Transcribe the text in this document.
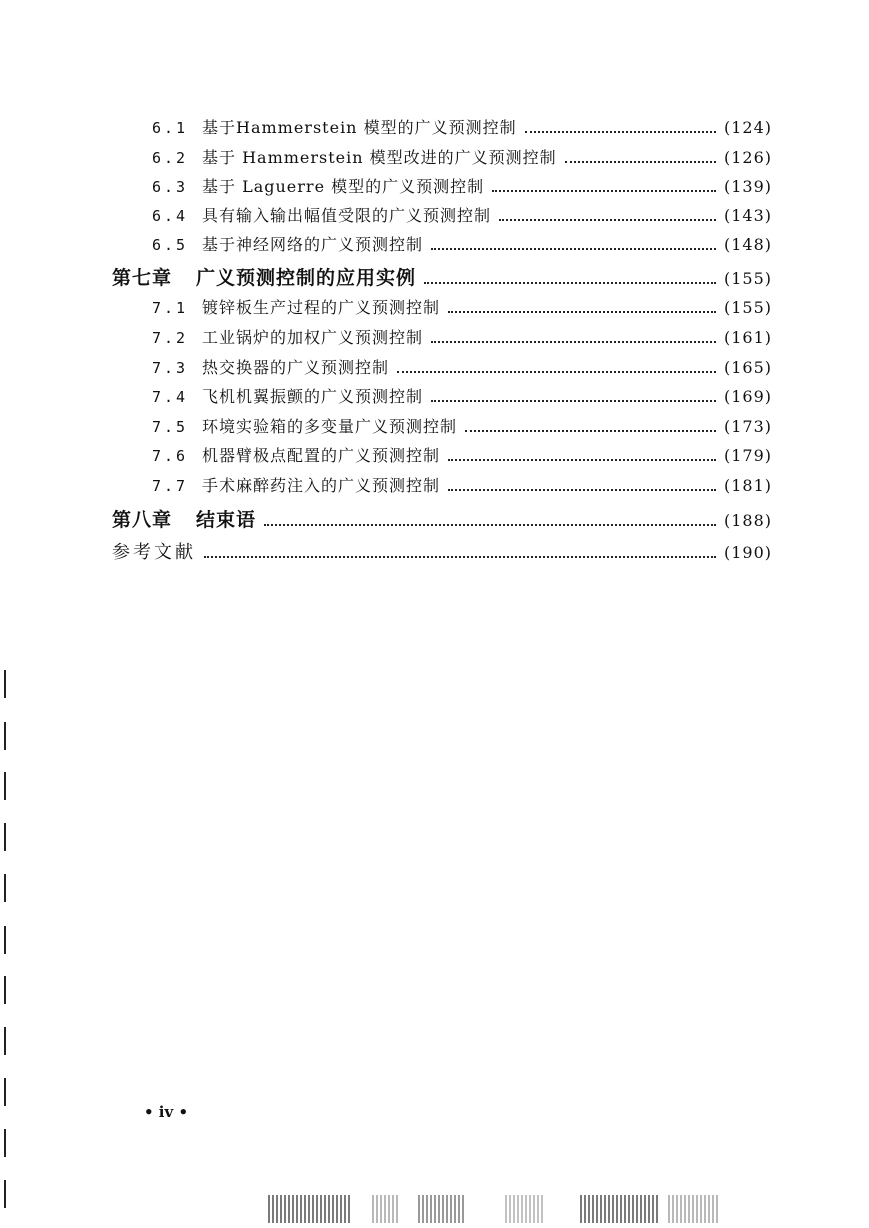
6.1 基于Hammerstein 模型的广义预测控制	(124)
6.2 基于 Hammerstein 模型改进的广义预测控制	(126)
6.3 基于 Laguerre 模型的广义预测控制	(139)
6.4 具有输入输出幅值受限的广义预测控制	(143)
6.5 基于神经网络的广义预测控制	(148)
第七章 广义预测控制的应用实例	(155)
7.1 镀锌板生产过程的广义预测控制	(155)
7.2 工业锅炉的加权广义预测控制	(161)
7.3 热交换器的广义预测控制	(165)
7.4 飞机机翼振颤的广义预测控制	(169)
7.5 环境实验箱的多变量广义预测控制	(173)
7.6 机器臂极点配置的广义预测控制	(179)
7.7 手术麻醉药注入的广义预测控制	(181)
第八章 结束语	(188)
参考文献	(190)
• iv •
